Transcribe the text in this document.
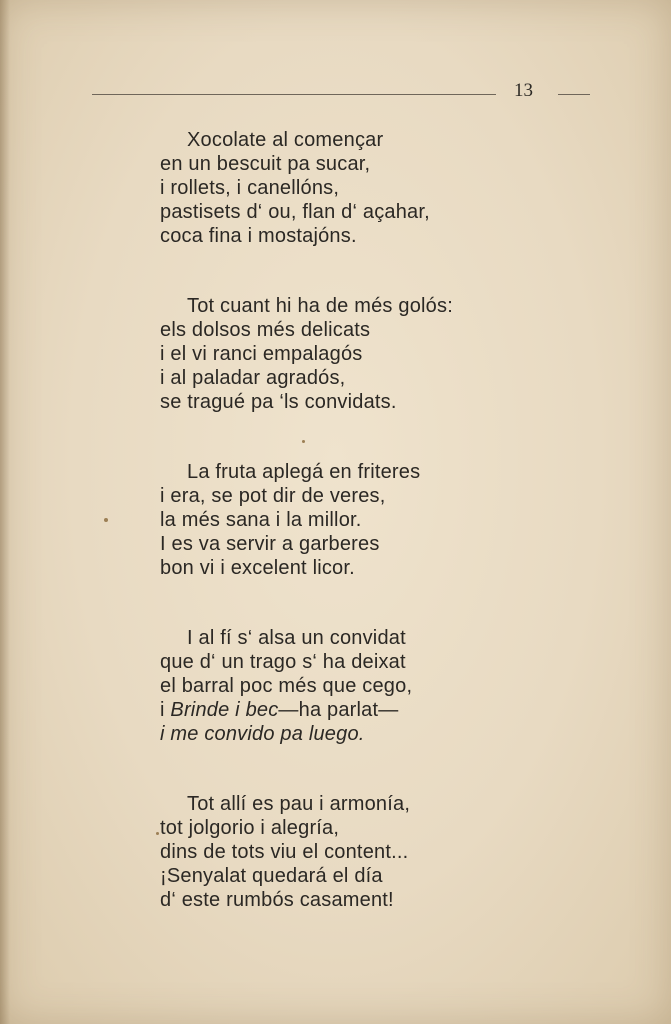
13
Xocolate al començar
en un bescuit pa sucar,
i rollets, i canellóns,
pastisets d‘ ou, flan d‘ açahar,
coca fina i mostajóns.
Tot cuant hi ha de més golós:
els dolsos més delicats
i el vi ranci empalagós
i al paladar agradós,
se tragué pa ‘ls convidats.
La fruta aplegá en friteres
i era, se pot dir de veres,
la més sana i la millor.
I es va servir a garberes
bon vi i excelent licor.
I al fí s‘ alsa un convidat
que d‘ un trago s‘ ha deixat
el barral poc més que cego,
i Brinde i bec—ha parlat—
i me convido pa luego.
Tot allí es pau i armonía,
tot jolgorio i alegría,
dins de tots viu el content...
¡Senyalat quedará el día
d‘ este rumbós casament!
